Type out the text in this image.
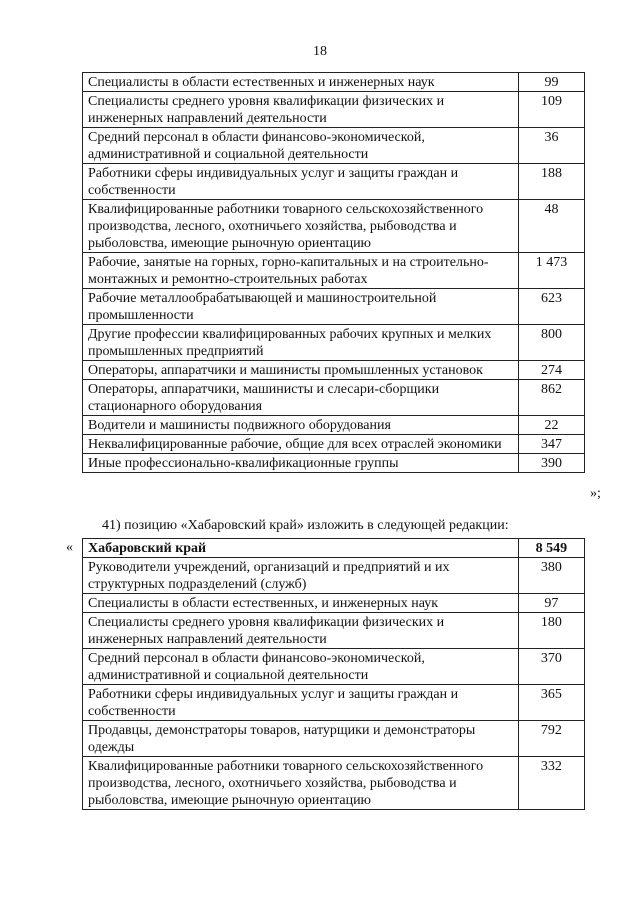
18
Специалисты в области естественных и инженерных наук	99
Специалисты среднего уровня квалификации физических и инженерных направлений деятельности	109
Средний персонал в области финансово-экономической, административной и социальной деятельности	36
Работники сферы индивидуальных услуг и защиты граждан и собственности	188
Квалифицированные работники товарного сельскохозяйственного производства, лесного, охотничьего хозяйства, рыбоводства и рыболовства, имеющие рыночную ориентацию	48
Рабочие, занятые на горных, горно-капитальных и на строительно-монтажных и ремонтно-строительных работах	1 473
Рабочие металлообрабатывающей и машиностроительной промышленности	623
Другие профессии квалифицированных рабочих крупных и мелких промышленных предприятий	800
Операторы, аппаратчики и машинисты промышленных установок	274
Операторы, аппаратчики, машинисты и слесари-сборщики стационарного оборудования	862
Водители и машинисты подвижного оборудования	22
Неквалифицированные рабочие, общие для всех отраслей экономики	347
Иные профессионально-квалификационные группы	390
»;
41) позицию «Хабаровский край» изложить в следующей редакции:
« Хабаровский край	8 549
Руководители учреждений, организаций и предприятий и их структурных подразделений (служб)	380
Специалисты в области естественных, и инженерных наук	97
Специалисты среднего уровня квалификации физических и инженерных направлений деятельности	180
Средний персонал в области финансово-экономической, административной и социальной деятельности	370
Работники сферы индивидуальных услуг и защиты граждан и собственности	365
Продавцы, демонстраторы товаров, натурщики и демонстраторы одежды	792
Квалифицированные работники товарного сельскохозяйственного производства, лесного, охотничьего хозяйства, рыбоводства и рыболовства, имеющие рыночную ориентацию	332
